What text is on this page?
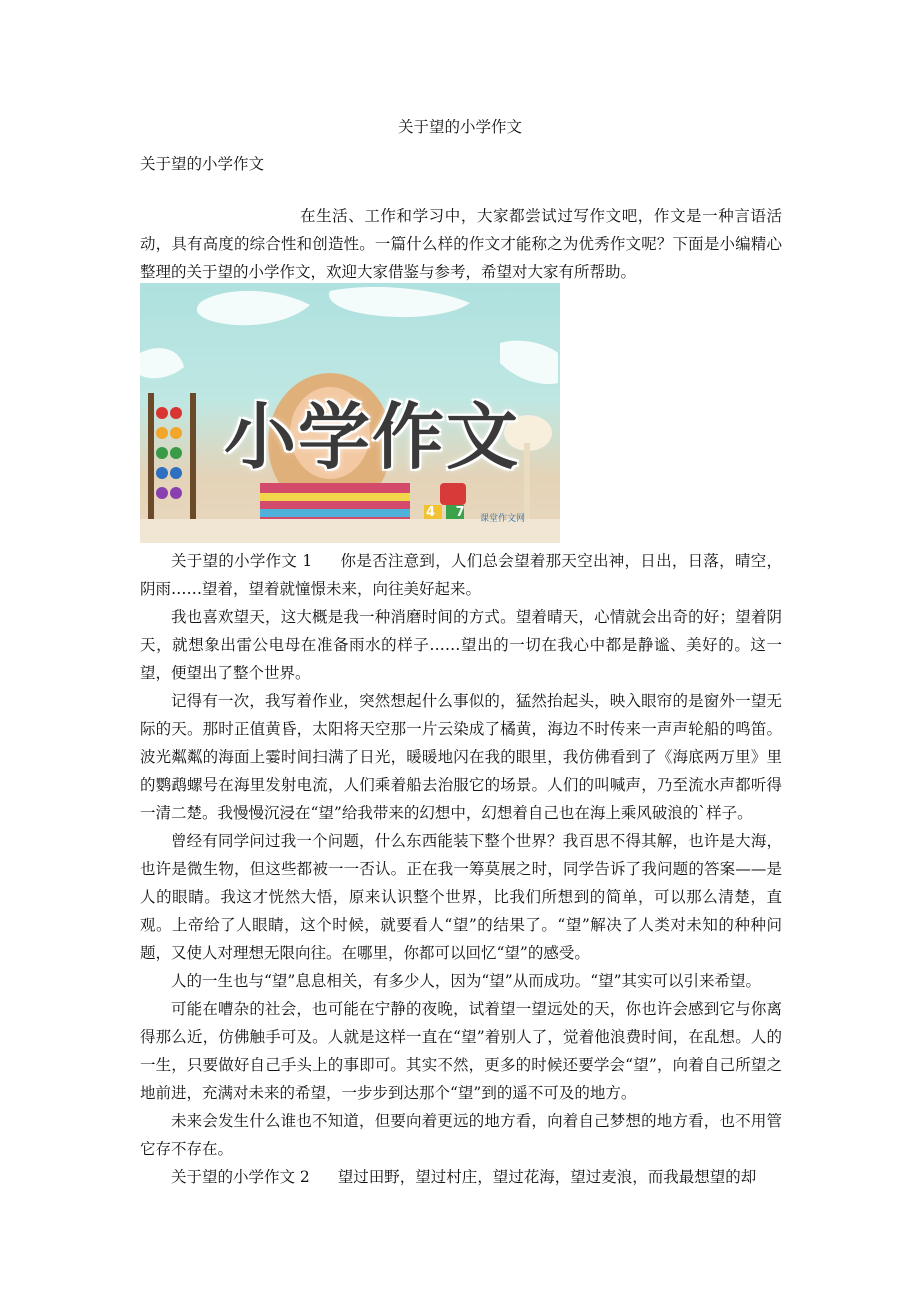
关于望的小学作文
关于望的小学作文
在生活、工作和学习中，大家都尝试过写作文吧，作文是一种言语活动，具有高度的综合性和创造性。一篇什么样的作文才能称之为优秀作文呢？下面是小编精心整理的关于望的小学作文，欢迎大家借鉴与参考，希望对大家有所帮助。
小学作文
4 7 课堂作文网
关于望的小学作文 1 你是否注意到，人们总会望着那天空出神，日出，日落，晴空，阴雨……望着，望着就憧憬未来，向往美好起来。
我也喜欢望天，这大概是我一种消磨时间的方式。望着晴天，心情就会出奇的好；望着阴天，就想象出雷公电母在准备雨水的样子……望出的一切在我心中都是静谧、美好的。这一望，便望出了整个世界。
记得有一次，我写着作业，突然想起什么事似的，猛然抬起头，映入眼帘的是窗外一望无际的天。那时正值黄昏，太阳将天空那一片云染成了橘黄，海边不时传来一声声轮船的鸣笛。波光粼粼的海面上霎时间扫满了日光，暖暖地闪在我的眼里，我仿佛看到了《海底两万里》里的鹦鹉螺号在海里发射电流，人们乘着船去治服它的场景。人们的叫喊声，乃至流水声都听得一清二楚。我慢慢沉浸在“望”给我带来的幻想中，幻想着自己也在海上乘风破浪的`样子。
曾经有同学问过我一个问题，什么东西能装下整个世界？我百思不得其解，也许是大海，也许是微生物，但这些都被一一否认。正在我一筹莫展之时，同学告诉了我问题的答案——是人的眼睛。我这才恍然大悟，原来认识整个世界，比我们所想到的简单，可以那么清楚，直观。上帝给了人眼睛，这个时候，就要看人“望”的结果了。“望”解决了人类对未知的种种问题，又使人对理想无限向往。在哪里，你都可以回忆“望”的感受。
人的一生也与“望”息息相关，有多少人，因为“望”从而成功。“望”其实可以引来希望。
可能在嘈杂的社会，也可能在宁静的夜晚，试着望一望远处的天，你也许会感到它与你离得那么近，仿佛触手可及。人就是这样一直在“望”着别人了，觉着他浪费时间，在乱想。人的一生，只要做好自己手头上的事即可。其实不然，更多的时候还要学会“望”，向着自己所望之地前进，充满对未来的希望，一步步到达那个“望”到的遥不可及的地方。
未来会发生什么谁也不知道，但要向着更远的地方看，向着自己梦想的地方看，也不用管它存不存在。
关于望的小学作文 2 望过田野，望过村庄，望过花海，望过麦浪，而我最想望的却
